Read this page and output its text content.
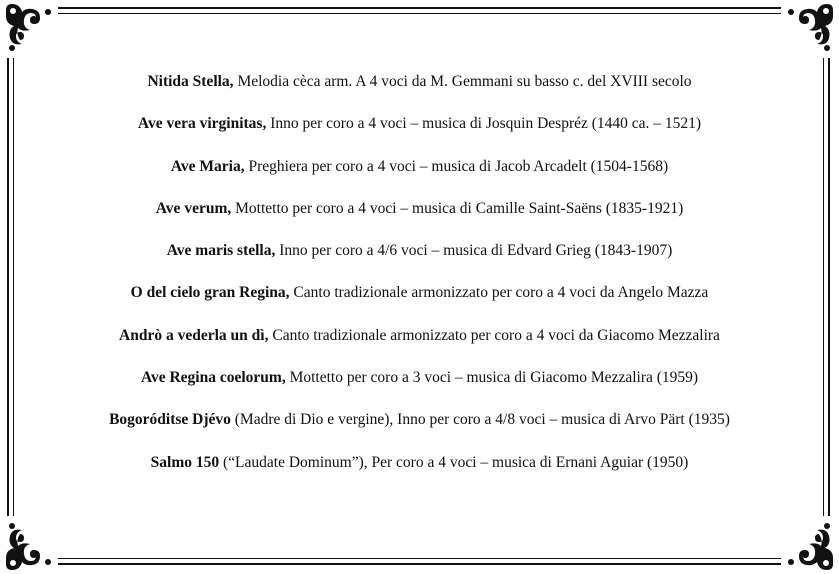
Nitida Stella, Melodia cèca arm. A 4 voci da M. Gemmani su basso c. del XVIII secolo
Ave vera virginitas, Inno per coro a 4 voci – musica di Josquin Despréz (1440 ca. – 1521)
Ave Maria, Preghiera per coro a 4 voci – musica di Jacob Arcadelt (1504-1568)
Ave verum, Mottetto per coro a 4 voci – musica di Camille Saint-Saëns (1835-1921)
Ave maris stella, Inno per coro a 4/6 voci – musica di Edvard Grieg (1843-1907)
O del cielo gran Regina, Canto tradizionale armonizzato per coro a 4 voci da Angelo Mazza
Andrò a vederla un dì, Canto tradizionale armonizzato per coro a 4 voci da Giacomo Mezzalira
Ave Regina coelorum, Mottetto per coro a 3 voci – musica di Giacomo Mezzalira (1959)
Bogoróditse Djévo (Madre di Dio e vergine), Inno per coro a 4/8 voci – musica di Arvo Pärt (1935)
Salmo 150 (“Laudate Dominum”), Per coro a 4 voci – musica di Ernani Aguiar (1950)
